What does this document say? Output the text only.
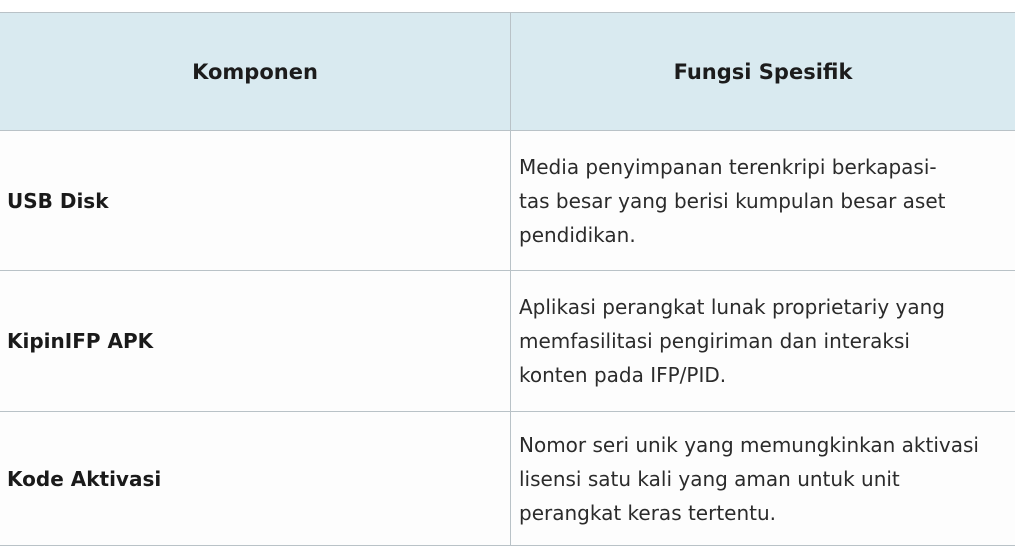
Komponen	Fungsi Spesifik
USB Disk
Media penyimpanan terenkripi berkapasi-
tas besar yang berisi kumpulan besar aset
pendidikan.
KipinIFP APK
Aplikasi perangkat lunak proprietariy yang
memfasilitasi pengiriman dan interaksi
konten pada IFP/PID.
Kode Aktivasi
Nomor seri unik yang memungkinkan aktivasi
lisensi satu kali yang aman untuk unit
perangkat keras tertentu.
